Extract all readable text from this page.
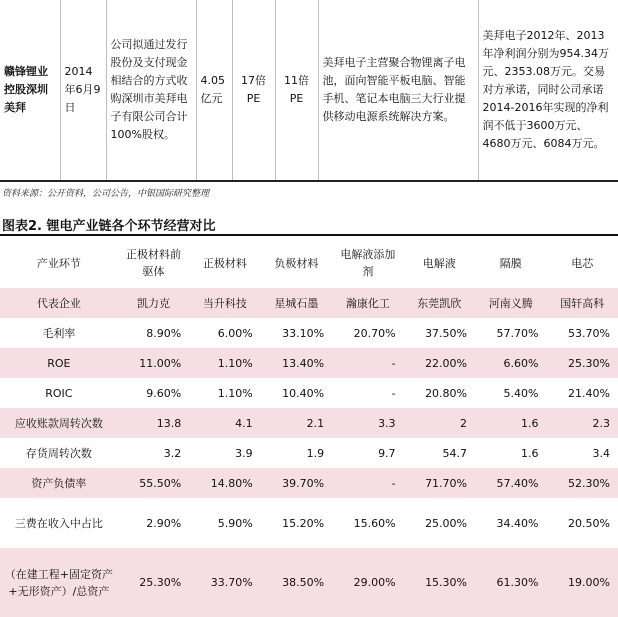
赣锋锂业控股深圳美拜	2014年6月9日	公司拟通过发行股份及支付现金相结合的方式收购深圳市美拜电子有限公司合计100%股权。	4.05亿元	17倍PE	11倍PE	美拜电子主营聚合物锂离子电池，面向智能平板电脑、智能手机、笔记本电脑三大行业提供移动电源系统解决方案。	美拜电子2012年、2013年净利润分别为954.34万元、2353.08万元。交易对方承诺，同时公司承诺2014-2016年实现的净利润不低于3600万元、4680万元、6084万元。
资料来源：公开资料，公司公告，中银国际研究整理
图表2. 锂电产业链各个环节经营对比
产业环节	正极材料前驱体	正极材料	负极材料	电解液添加剂	电解液	隔膜	电芯
代表企业	凯力克	当升科技	星城石墨	瀚康化工	东莞凯欣	河南义腾	国轩高科
毛利率	8.90%	6.00%	33.10%	20.70%	37.50%	57.70%	53.70%
ROE	11.00%	1.10%	13.40%	-	22.00%	6.60%	25.30%
ROIC	9.60%	1.10%	10.40%	-	20.80%	5.40%	21.40%
应收账款周转次数	13.8	4.1	2.1	3.3	2	1.6	2.3
存货周转次数	3.2	3.9	1.9	9.7	54.7	1.6	3.4
资产负债率	55.50%	14.80%	39.70%	-	71.70%	57.40%	52.30%
三费在收入中占比	2.90%	5.90%	15.20%	15.60%	25.00%	34.40%	20.50%
（在建工程+固定资产+无形资产）/总资产	25.30%	33.70%	38.50%	29.00%	15.30%	61.30%	19.00%
